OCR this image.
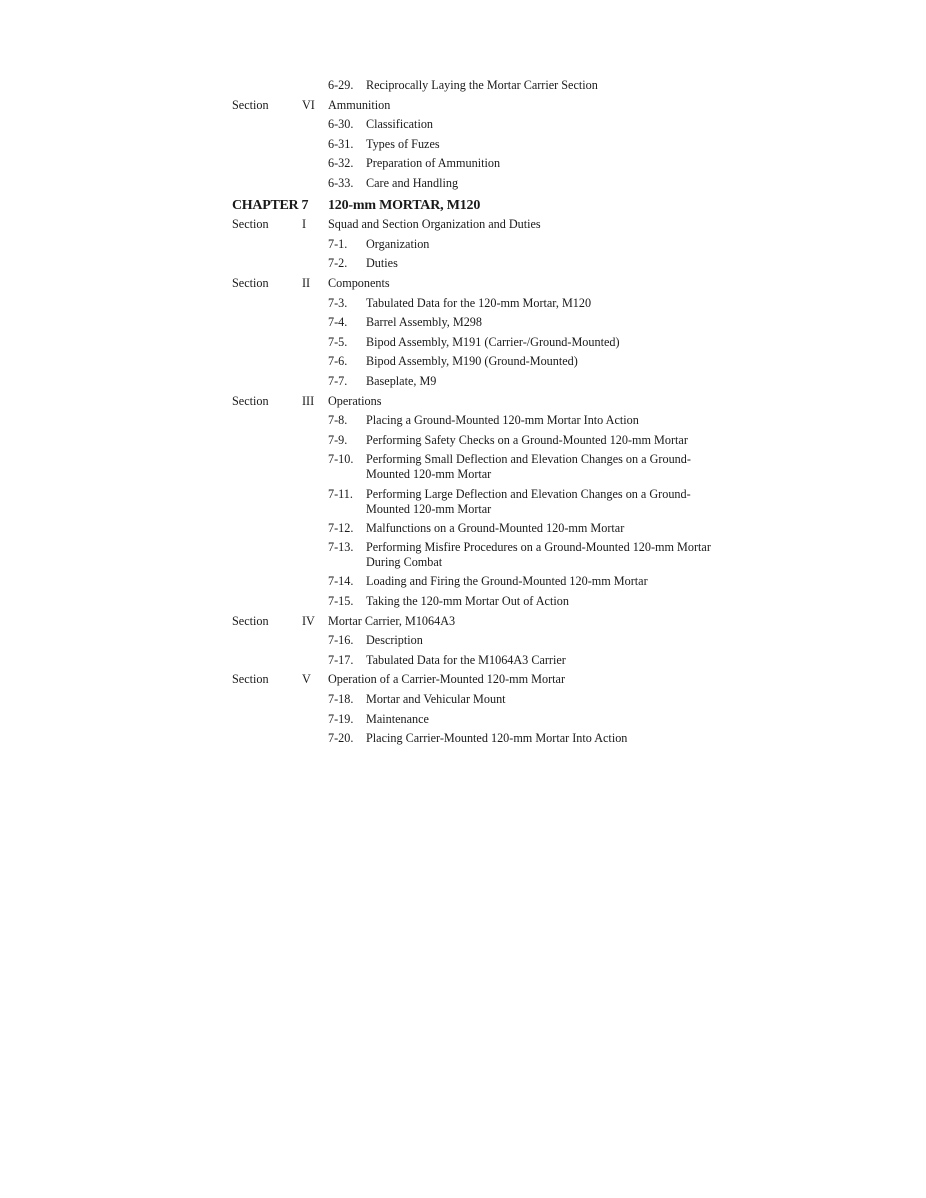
6-29. Reciprocally Laying the Mortar Carrier Section
Section	VI Ammunition
6-30. Classification
6-31. Types of Fuzes
6-32. Preparation of Ammunition
6-33. Care and Handling
CHAPTER 7 120-mm MORTAR, M120
Section	I Squad and Section Organization and Duties
7-1. Organization
7-2. Duties
Section	II Components
7-3. Tabulated Data for the 120-mm Mortar, M120
7-4. Barrel Assembly, M298
7-5. Bipod Assembly, M191 (Carrier-/Ground-Mounted)
7-6. Bipod Assembly, M190 (Ground-Mounted)
7-7. Baseplate, M9
Section	III Operations
7-8. Placing a Ground-Mounted 120-mm Mortar Into Action
7-9. Performing Safety Checks on a Ground-Mounted 120-mm Mortar
7-10. Performing Small Deflection and Elevation Changes on a Ground-Mounted 120-mm Mortar
7-11. Performing Large Deflection and Elevation Changes on a Ground-Mounted 120-mm Mortar
7-12. Malfunctions on a Ground-Mounted 120-mm Mortar
7-13. Performing Misfire Procedures on a Ground-Mounted 120-mm Mortar During Combat
7-14. Loading and Firing the Ground-Mounted 120-mm Mortar
7-15. Taking the 120-mm Mortar Out of Action
Section	IV Mortar Carrier, M1064A3
7-16. Description
7-17. Tabulated Data for the M1064A3 Carrier
Section	V Operation of a Carrier-Mounted 120-mm Mortar
7-18. Mortar and Vehicular Mount
7-19. Maintenance
7-20. Placing Carrier-Mounted 120-mm Mortar Into Action
